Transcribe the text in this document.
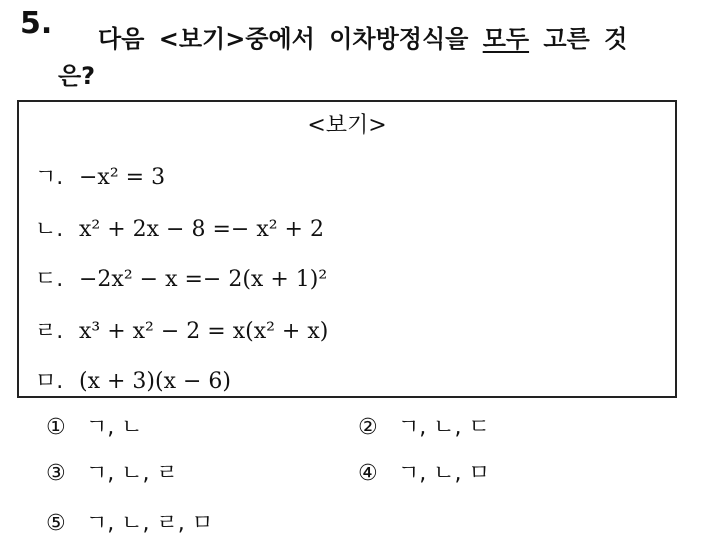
5. 다음 <보기>중에서 이차방정식을 모두 고른 것
은?
<보기>
ㄱ. −x² = 3
ㄴ. x² + 2x − 8 =− x² + 2
ㄷ. −2x² − x =− 2(x + 1)²
ㄹ. x³ + x² − 2 = x(x² + x)
ㅁ. (x + 3)(x − 6)
① ㄱ, ㄴ	② ㄱ, ㄴ, ㄷ
③ ㄱ, ㄴ, ㄹ	④ ㄱ, ㄴ, ㅁ
⑤ ㄱ, ㄴ, ㄹ, ㅁ
